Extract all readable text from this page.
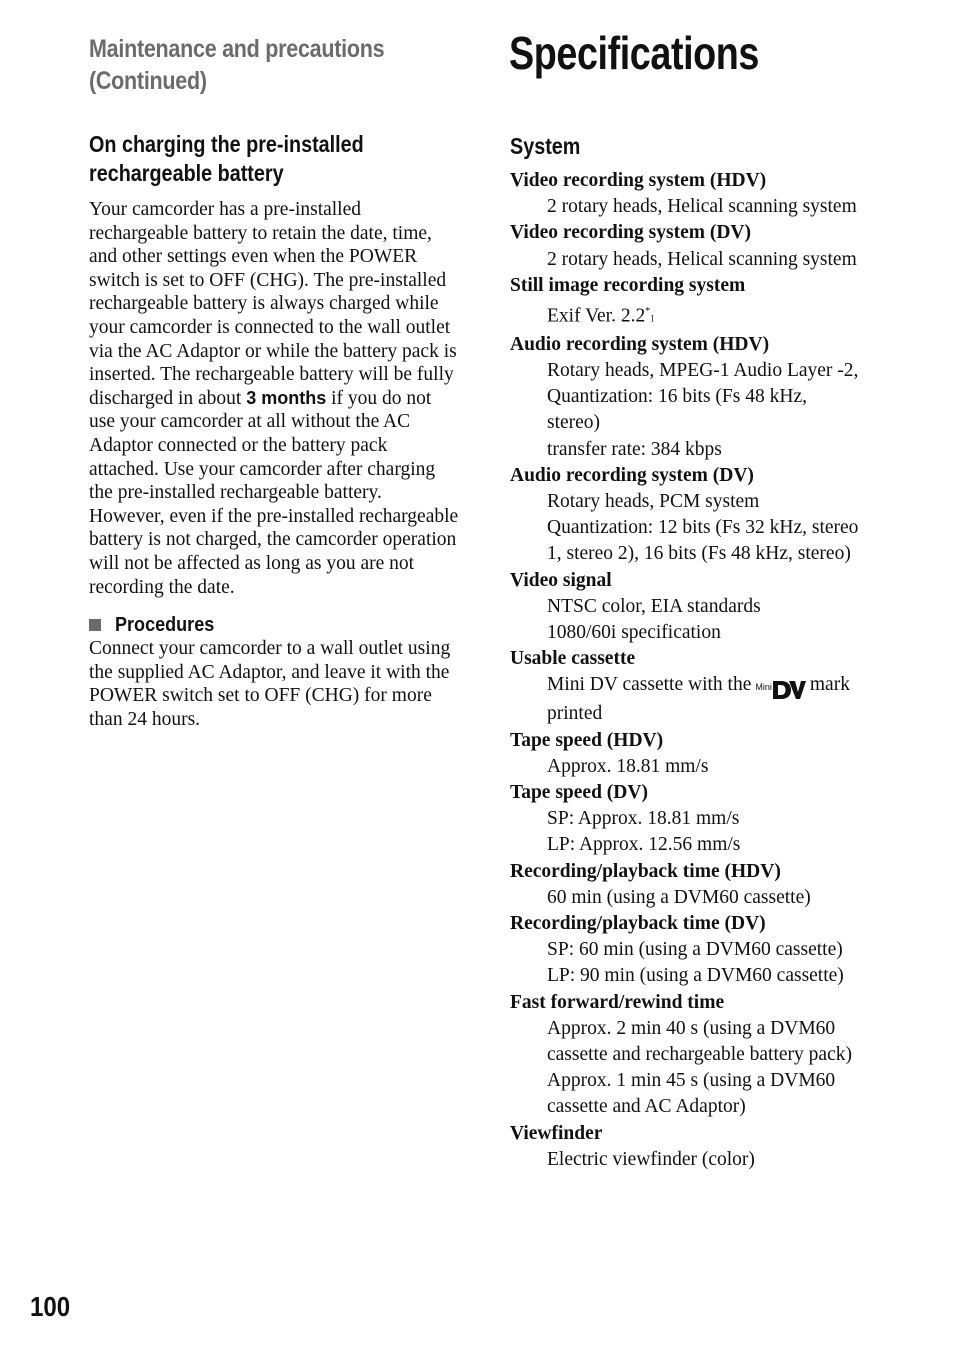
Maintenance and precautions
(Continued)
Specifications
On charging the pre-installed
rechargeable battery

Your camcorder has a pre-installed rechargeable battery to retain the date, time, and other settings even when the POWER switch is set to OFF (CHG). The pre-installed rechargeable battery is always charged while your camcorder is connected to the wall outlet via the AC Adaptor or while the battery pack is inserted. The rechargeable battery will be fully discharged in about 3 months if you do not use your camcorder at all without the AC Adaptor connected or the battery pack attached. Use your camcorder after charging the pre-installed rechargeable battery.

However, even if the pre-installed rechargeable battery is not charged, the camcorder operation will not be affected as long as you are not recording the date.

Procedures

Connect your camcorder to a wall outlet using the supplied AC Adaptor, and leave it with the POWER switch set to OFF (CHG) for more than 24 hours.

System
Video recording system (HDV)
2 rotary heads, Helical scanning system
Video recording system (DV)
2 rotary heads, Helical scanning system
Still image recording system
Exif Ver. 2.2*1
Audio recording system (HDV)
Rotary heads, MPEG-1 Audio Layer -2,
Quantization: 16 bits (Fs 48 kHz,
stereo)
transfer rate: 384 kbps
Audio recording system (DV)
Rotary heads, PCM system
Quantization: 12 bits (Fs 32 kHz, stereo
1, stereo 2), 16 bits (Fs 48 kHz, stereo)
Video signal
NTSC color, EIA standards
1080/60i specification
Usable cassette
Mini DV cassette with the Mini mark
printed
Tape speed (HDV)
Approx. 18.81 mm/s
Tape speed (DV)
SP: Approx. 18.81 mm/s
LP: Approx. 12.56 mm/s
Recording/playback time (HDV)
60 min (using a DVM60 cassette)
Recording/playback time (DV)
SP: 60 min (using a DVM60 cassette)
LP: 90 min (using a DVM60 cassette)
Fast forward/rewind time
Approx. 2 min 40 s (using a DVM60
cassette and rechargeable battery pack)
Approx. 1 min 45 s (using a DVM60
cassette and AC Adaptor)
Viewfinder
Electric viewfinder (color)
100
